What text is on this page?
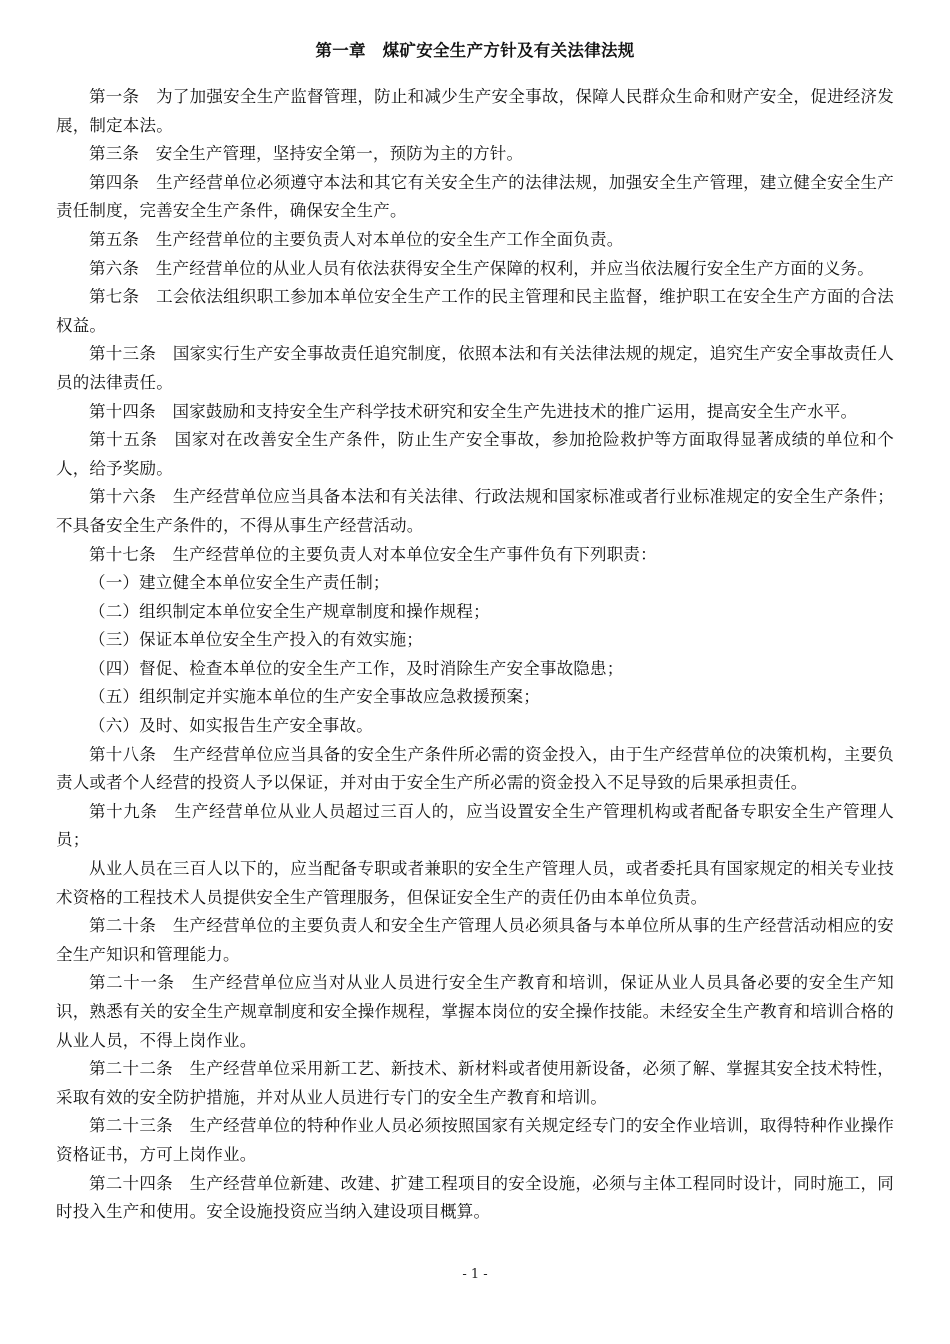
第一章　煤矿安全生产方针及有关法律法规

第一条　为了加强安全生产监督管理，防止和减少生产安全事故，保障人民群众生命和财产安全，促进经济发展，制定本法。

第三条　安全生产管理，坚持安全第一，预防为主的方针。

第四条　生产经营单位必须遵守本法和其它有关安全生产的法律法规，加强安全生产管理，建立健全安全生产责任制度，完善安全生产条件，确保安全生产。

第五条　生产经营单位的主要负责人对本单位的安全生产工作全面负责。

第六条　生产经营单位的从业人员有依法获得安全生产保障的权利，并应当依法履行安全生产方面的义务。

第七条　工会依法组织职工参加本单位安全生产工作的民主管理和民主监督，维护职工在安全生产方面的合法权益。

第十三条　国家实行生产安全事故责任追究制度，依照本法和有关法律法规的规定，追究生产安全事故责任人员的法律责任。

第十四条　国家鼓励和支持安全生产科学技术研究和安全生产先进技术的推广运用，提高安全生产水平。

第十五条　国家对在改善安全生产条件，防止生产安全事故，参加抢险救护等方面取得显著成绩的单位和个人，给予奖励。

第十六条　生产经营单位应当具备本法和有关法律、行政法规和国家标准或者行业标准规定的安全生产条件；不具备安全生产条件的，不得从事生产经营活动。

第十七条　生产经营单位的主要负责人对本单位安全生产事件负有下列职责：

（一）建立健全本单位安全生产责任制；

（二）组织制定本单位安全生产规章制度和操作规程；

（三）保证本单位安全生产投入的有效实施；

（四）督促、检查本单位的安全生产工作，及时消除生产安全事故隐患；

（五）组织制定并实施本单位的生产安全事故应急救援预案；

（六）及时、如实报告生产安全事故。

第十八条　生产经营单位应当具备的安全生产条件所必需的资金投入，由于生产经营单位的决策机构，主要负责人或者个人经营的投资人予以保证，并对由于安全生产所必需的资金投入不足导致的后果承担责任。

第十九条　生产经营单位从业人员超过三百人的，应当设置安全生产管理机构或者配备专职安全生产管理人员；

从业人员在三百人以下的，应当配备专职或者兼职的安全生产管理人员，或者委托具有国家规定的相关专业技术资格的工程技术人员提供安全生产管理服务，但保证安全生产的责任仍由本单位负责。

第二十条　生产经营单位的主要负责人和安全生产管理人员必须具备与本单位所从事的生产经营活动相应的安全生产知识和管理能力。

第二十一条　生产经营单位应当对从业人员进行安全生产教育和培训，保证从业人员具备必要的安全生产知识，熟悉有关的安全生产规章制度和安全操作规程，掌握本岗位的安全操作技能。未经安全生产教育和培训合格的从业人员，不得上岗作业。

第二十二条　生产经营单位采用新工艺、新技术、新材料或者使用新设备，必须了解、掌握其安全技术特性，采取有效的安全防护措施，并对从业人员进行专门的安全生产教育和培训。

第二十三条　生产经营单位的特种作业人员必须按照国家有关规定经专门的安全作业培训，取得特种作业操作资格证书，方可上岗作业。

第二十四条　生产经营单位新建、改建、扩建工程项目的安全设施，必须与主体工程同时设计，同时施工，同时投入生产和使用。安全设施投资应当纳入建设项目概算。

- 1 -
